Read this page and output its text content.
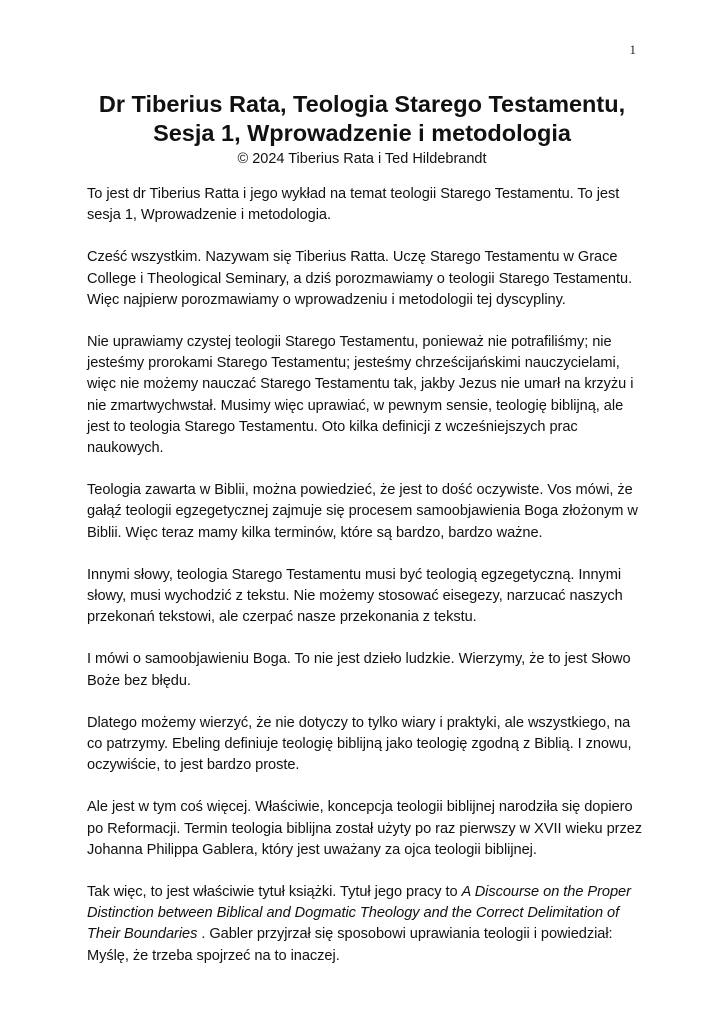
1
Dr Tiberius Rata, Teologia Starego Testamentu,
Sesja 1, Wprowadzenie i metodologia

© 2024 Tiberius Rata i Ted Hildebrandt

To jest dr Tiberius Ratta i jego wykład na temat teologii Starego Testamentu. To jest sesja 1, Wprowadzenie i metodologia.

Cześć wszystkim. Nazywam się Tiberius Ratta. Uczę Starego Testamentu w Grace College i Theological Seminary, a dziś porozmawiamy o teologii Starego Testamentu. Więc najpierw porozmawiamy o wprowadzeniu i metodologii tej dyscypliny.

Nie uprawiamy czystej teologii Starego Testamentu, ponieważ nie potrafiliśmy; nie jesteśmy prorokami Starego Testamentu; jesteśmy chrześcijańskimi nauczycielami, więc nie możemy nauczać Starego Testamentu tak, jakby Jezus nie umarł na krzyżu i nie zmartwychwstał. Musimy więc uprawiać, w pewnym sensie, teologię biblijną, ale jest to teologia Starego Testamentu. Oto kilka definicji z wcześniejszych prac naukowych.

Teologia zawarta w Biblii, można powiedzieć, że jest to dość oczywiste. Vos mówi, że gałąź teologii egzegetycznej zajmuje się procesem samoobjawienia Boga złożonym w Biblii. Więc teraz mamy kilka terminów, które są bardzo, bardzo ważne.

Innymi słowy, teologia Starego Testamentu musi być teologią egzegetyczną. Innymi słowy, musi wychodzić z tekstu. Nie możemy stosować eisegezy, narzucać naszych przekonań tekstowi, ale czerpać nasze przekonania z tekstu.

I mówi o samoobjawieniu Boga. To nie jest dzieło ludzkie. Wierzymy, że to jest Słowo Boże bez błędu.

Dlatego możemy wierzyć, że nie dotyczy to tylko wiary i praktyki, ale wszystkiego, na co patrzymy. Ebeling definiuje teologię biblijną jako teologię zgodną z Biblią. I znowu, oczywiście, to jest bardzo proste.

Ale jest w tym coś więcej. Właściwie, koncepcja teologii biblijnej narodziła się dopiero po Reformacji. Termin teologia biblijna został użyty po raz pierwszy w XVII wieku przez Johanna Philippa Gablera, który jest uważany za ojca teologii biblijnej.

Tak więc, to jest właściwie tytuł książki. Tytuł jego pracy to A Discourse on the Proper Distinction between Biblical and Dogmatic Theology and the Correct Delimitation of Their Boundaries . Gabler przyjrzał się sposobowi uprawiania teologii i powiedział: Myślę, że trzeba spojrzeć na to inaczej.
